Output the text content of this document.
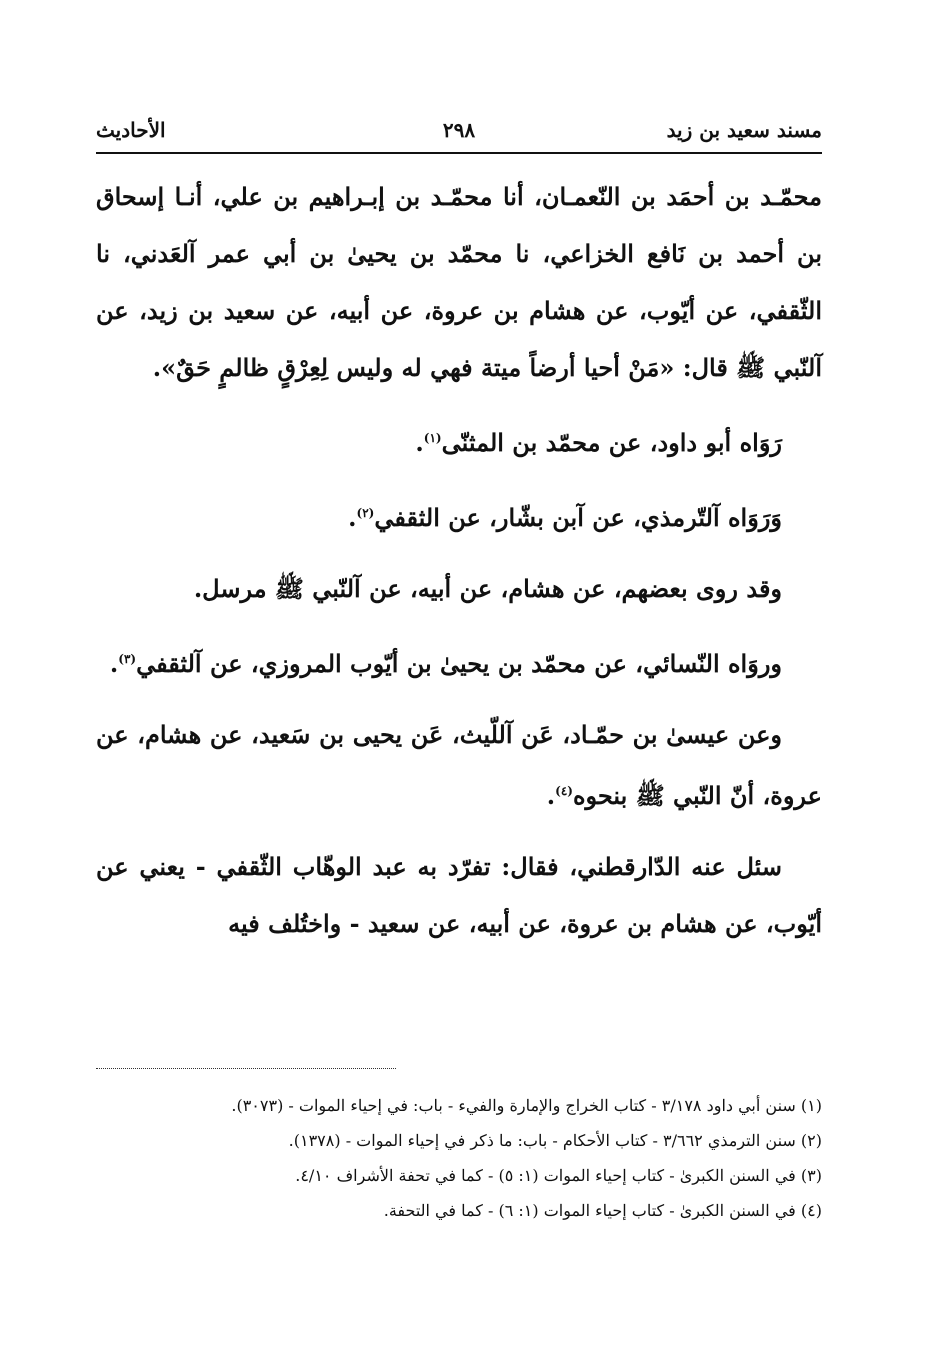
مسند سعيد بن زيد
٢٩٨
الأحاديث

محمّـد بن أحمَد بن النّعمـان، أنا محمّـد بن إبـراهيم بن علي، أنـا إسحاق بن أحمد بن نَافع الخزاعي، نا محمّد بن يحيىٰ بن أبي عمر آلعَدني، نا الثّقفي، عن أيّوب، عن هشام بن عروة، عن أبيه، عن سعيد بن زيد، عن آلنّبي ﷺ قال: «مَنْ أحيا أرضاً ميتة فهي له وليس لِعِرْقٍ ظالمٍ حَقٌ».

رَوَاه أبو داود، عن محمّد بن المثنّى$^{(١)}$.

وَرَوَاه آلتّرمذي، عن آبن بشّار، عن الثقفي$^{(٢)}$.

وقد روى بعضهم، عن هشام، عن أبيه، عن آلنّبي ﷺ مرسل.

وروَاه النّسائي، عن محمّد بن يحيىٰ بن أيّوب المروزي، عن آلثقفي$^{(٣)}$.

وعن عيسىٰ بن حمّـاد، عَن آللّيث، عَن يحيى بن سَعيد، عن هشام، عن عروة، أنّ النّبي ﷺ بنحوه$^{(٤)}$.

سئل عنه الدّارقطني، فقال: تفرّد به عبد الوهّاب الثّقفي - يعني عن أيّوب، عن هشام بن عروة، عن أبيه، عن سعيد - واختُلف فيه

(١) سنن أبي داود ٣/١٧٨ - كتاب الخراج والإمارة والفيء - باب: في إحياء الموات - (٣٠٧٣).

(٢) سنن الترمذي ٣/٦٦٢ - كتاب الأحكام - باب: ما ذكر في إحياء الموات - (١٣٧٨).

(٣) في السنن الكبرىٰ - كتاب إحياء الموات (١: ٥) - كما في تحفة الأشراف ٤/١٠.

(٤) في السنن الكبرىٰ - كتاب إحياء الموات (١: ٦) - كما في التحفة.
